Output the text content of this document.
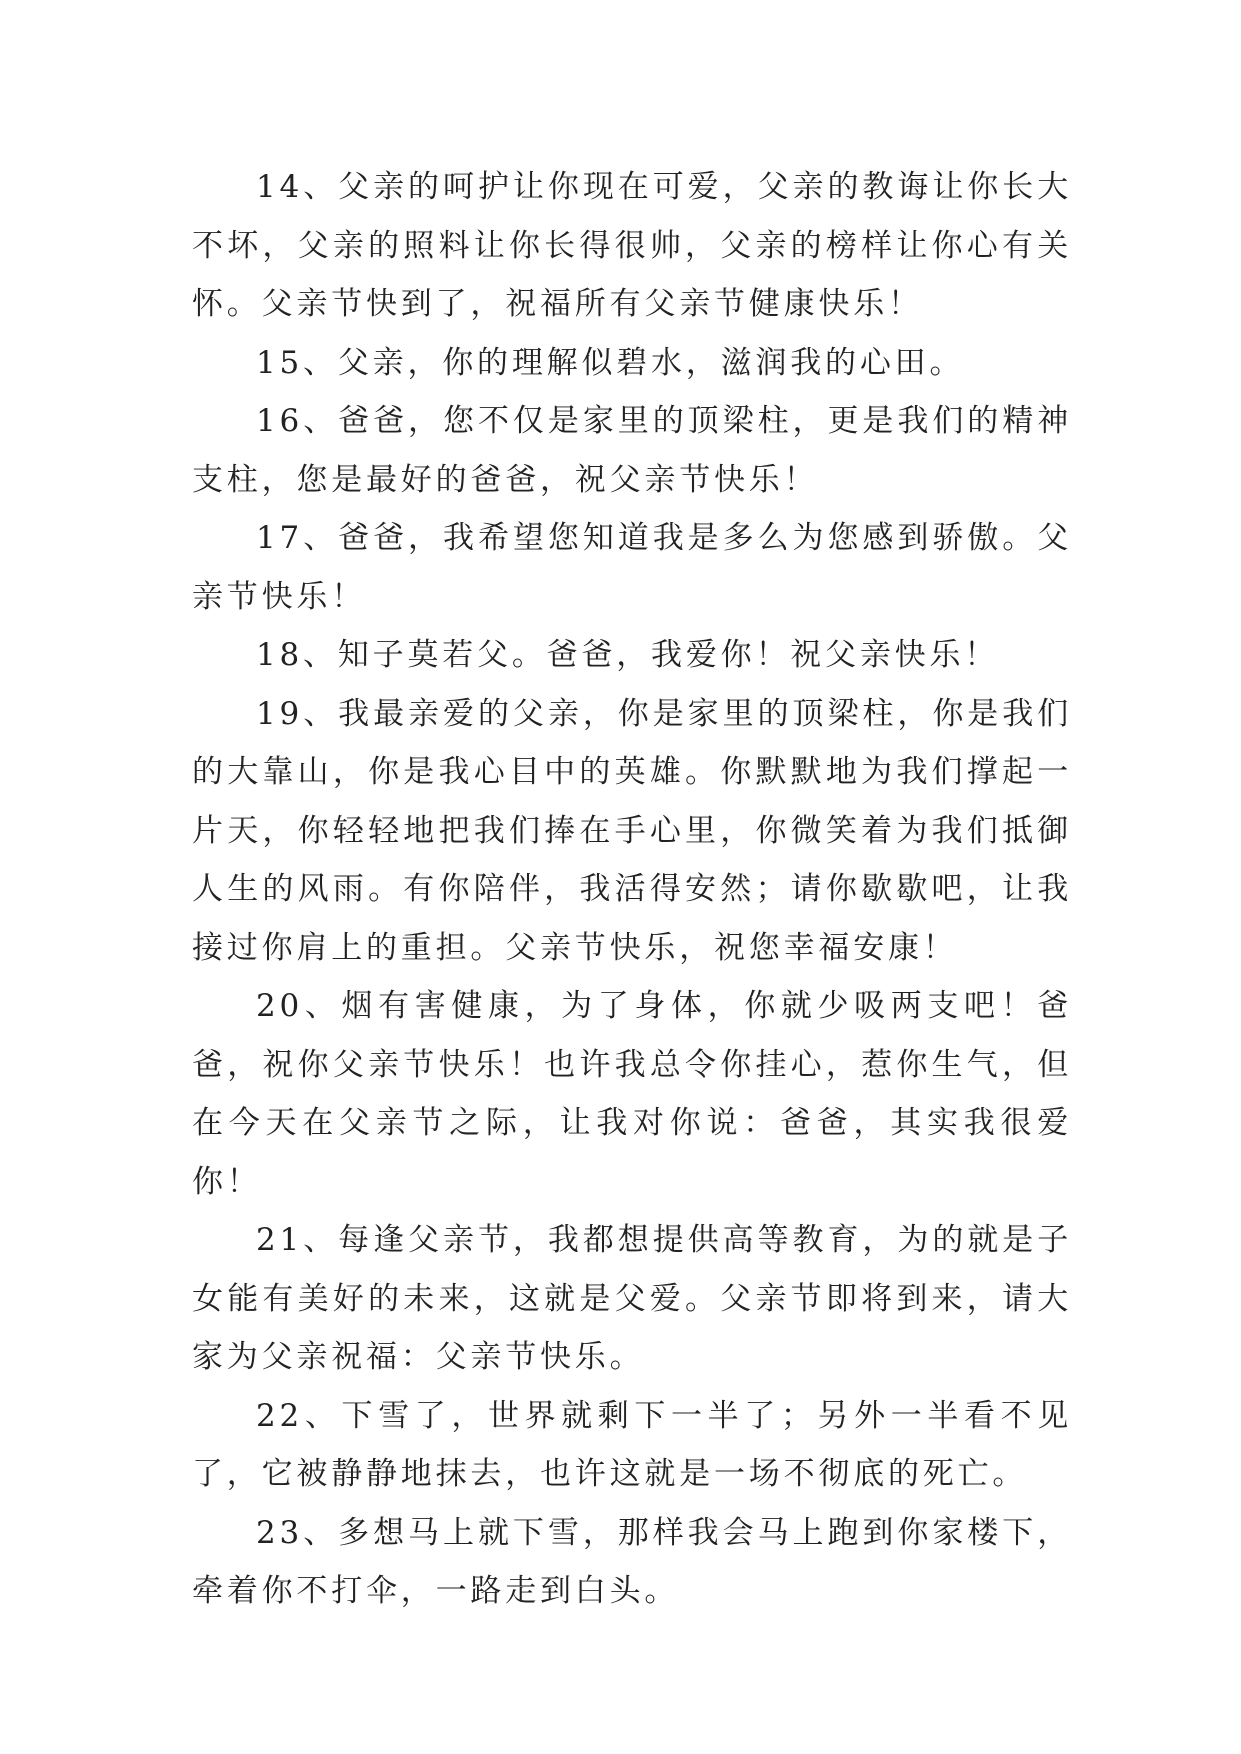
14、父亲的呵护让你现在可爱，父亲的教诲让你长大不坏，父亲的照料让你长得很帅，父亲的榜样让你心有关怀。父亲节快到了，祝福所有父亲节健康快乐！

15、父亲，你的理解似碧水，滋润我的心田。

16、爸爸，您不仅是家里的顶梁柱，更是我们的精神支柱，您是最好的爸爸，祝父亲节快乐！

17、爸爸，我希望您知道我是多么为您感到骄傲。父亲节快乐！

18、知子莫若父。爸爸，我爱你！祝父亲快乐！

19、我最亲爱的父亲，你是家里的顶梁柱，你是我们的大靠山，你是我心目中的英雄。你默默地为我们撑起一片天，你轻轻地把我们捧在手心里，你微笑着为我们抵御人生的风雨。有你陪伴，我活得安然；请你歇歇吧，让我接过你肩上的重担。父亲节快乐，祝您幸福安康！

20、烟有害健康，为了身体，你就少吸两支吧！爸爸，祝你父亲节快乐！也许我总令你挂心，惹你生气，但在今天在父亲节之际，让我对你说：爸爸，其实我很爱你！

21、每逢父亲节，我都想提供高等教育，为的就是子女能有美好的未来，这就是父爱。父亲节即将到来，请大家为父亲祝福：父亲节快乐。

22、下雪了，世界就剩下一半了；另外一半看不见了，它被静静地抹去，也许这就是一场不彻底的死亡。

23、多想马上就下雪，那样我会马上跑到你家楼下，牵着你不打伞，一路走到白头。
